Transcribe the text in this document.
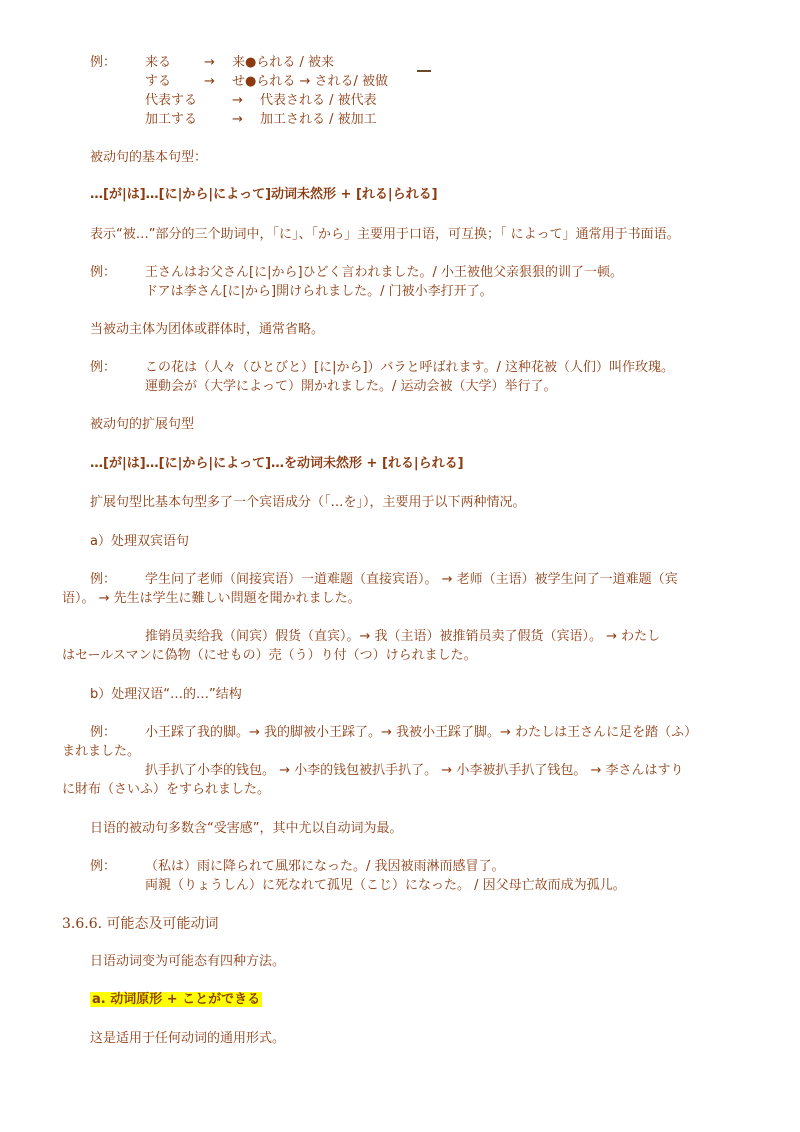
例： 来る	→ 来●られる / 被来
する	→ せ●られる → される/ 被做
代表する	→ 代表される / 被代表
加工する	→ 加工される / 被加工
被动句的基本句型：
…[が|は]…[に|から|によって]动词未然形 + [れる|られる]
表示“被…”部分的三个助词中，「に」、「から」主要用于口语，可互换；「 によって」通常用于书面语。
例： 王さんはお父さん[に|から]ひどく言われました。/ 小王被他父亲狠狠的训了一顿。
ドアは李さん[に|から]開けられました。/ 门被小李打开了。
当被动主体为团体或群体时，通常省略。
例： この花は（人々（ひとびと）[に|から]）バラと呼ばれます。/ 这种花被（人们）叫作玫瑰。
運動会が（大学によって）開かれました。/ 运动会被（大学）举行了。
被动句的扩展句型
…[が|は]…[に|から|によって]…を动词未然形 + [れる|られる]
扩展句型比基本句型多了一个宾语成分（「…を」），主要用于以下两种情况。
a）处理双宾语句
例： 学生问了老师（间接宾语）一道难题（直接宾语）。 → 老师（主语）被学生问了一道难题（宾
语）。 → 先生は学生に難しい問題を聞かれました。
推销员卖给我（间宾）假货（直宾）。→ 我（主语）被推销员卖了假货（宾语）。 → わたし
はセールスマンに偽物（にせもの）売（う）り付（つ）けられました。
b）处理汉语“…的…”结构
例： 小王踩了我的脚。→ 我的脚被小王踩了。→ 我被小王踩了脚。→ わたしは王さんに足を踏（ふ）
まれました。
扒手扒了小李的钱包。 → 小李的钱包被扒手扒了。 → 小李被扒手扒了钱包。 → 李さんはすり
に財布（さいふ）をすられました。
日语的被动句多数含“受害感”，其中尤以自动词为最。
例： （私は）雨に降られて風邪になった。/ 我因被雨淋而感冒了。
両親（りょうしん）に死なれて孤児（こじ）になった。 / 因父母亡故而成为孤儿。
3.6.6. 可能态及可能动词
日语动词变为可能态有四种方法。
a. 动词原形 + ことができる
这是适用于任何动词的通用形式。
